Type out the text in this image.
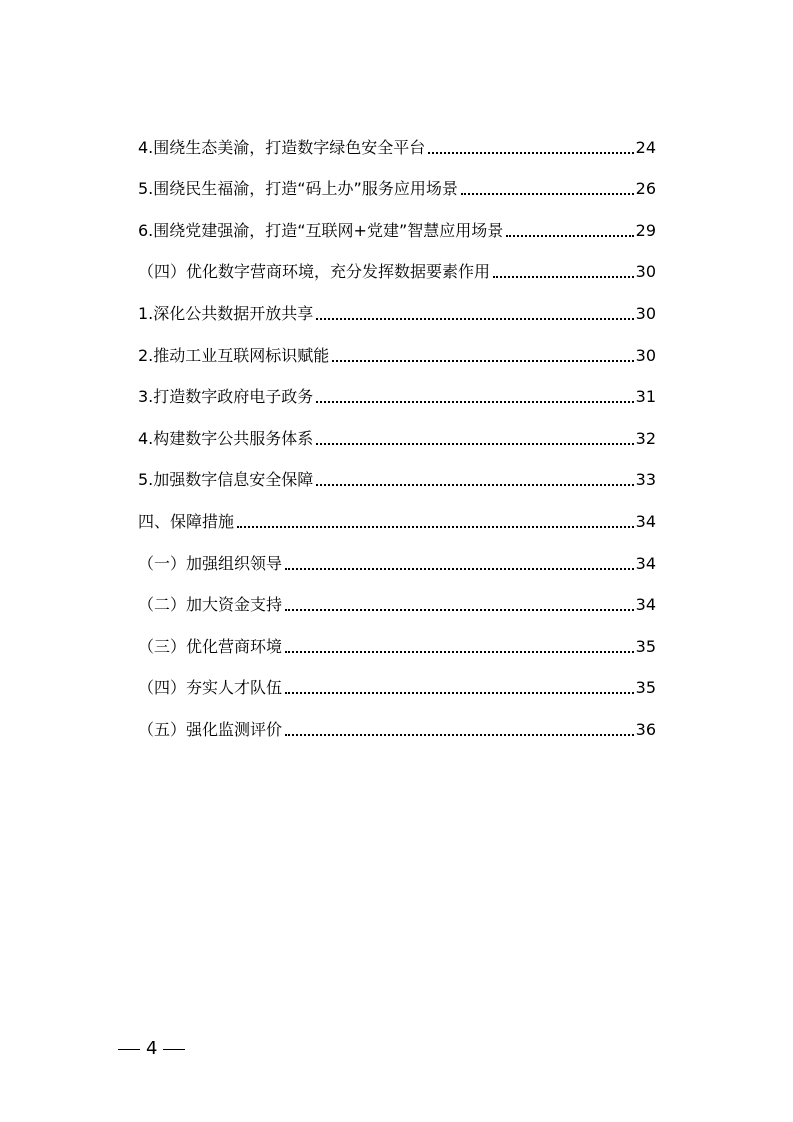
4.围绕生态美渝，打造数字绿色安全平台	24
5.围绕民生福渝，打造“码上办”服务应用场景	26
6.围绕党建强渝，打造“互联网+党建”智慧应用场景	29
（四）优化数字营商环境，充分发挥数据要素作用	30
1.深化公共数据开放共享	30
2.推动工业互联网标识赋能	30
3.打造数字政府电子政务	31
4.构建数字公共服务体系	32
5.加强数字信息安全保障	33
四、保障措施	34
（一）加强组织领导	34
（二）加大资金支持	34
（三）优化营商环境	35
（四）夯实人才队伍	35
（五）强化监测评价	36
4
